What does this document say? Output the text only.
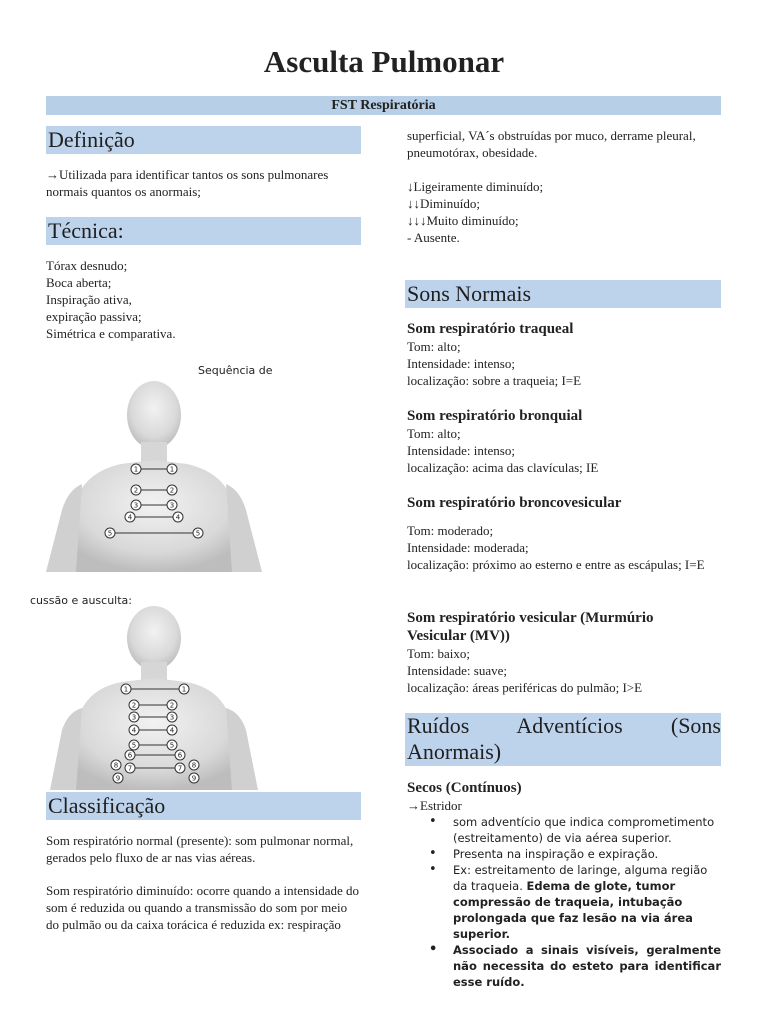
Asculta Pulmonar
FST Respiratória
Definição
→Utilizada para identificar tantos os sons pulmonares normais quantos os anormais;
Técnica:

Tórax desnudo;

Boca aberta;

Inspiração ativa,

expiração passiva;

Simétrica e comparativa.

Sequência de
1	1
2	2
3	3
4	4
5	5
cussão e ausculta:
1	1
2	2
3	3
4	4
5	5
6	6
7	7
8	8
9	9
Classificação
Som respiratório normal (presente): som pulmonar normal, gerados pelo fluxo de ar nas vias aéreas.
Som respiratório diminuído: ocorre quando a intensidade do som é reduzida ou quando a transmissão do som por meio do pulmão ou da caixa torácica é reduzida ex: respiração
superficial, VA´s obstruídas por muco, derrame pleural, pneumotórax, obesidade.

↓Ligeiramente diminuído;

↓↓Diminuído;

↓↓↓Muito diminuído;

- Ausente.

Sons Normais
Som respiratório traqueal
Tom: alto;
Intensidade: intenso;
localização: sobre a traqueia; I=E
Som respiratório bronquial
Tom: alto;
Intensidade: intenso;
localização: acima das clavículas; IE
Som respiratório broncovesicular
Tom: moderado;
Intensidade: moderada;
localização: próximo ao esterno e entre as escápulas; I=E
Som respiratório vesicular (Murmúrio Vesicular (MV))
Tom: baixo;
Intensidade: suave;
localização: áreas periféricas do pulmão; I>E
Ruídos Adventícios (Sons Anormais)
Secos (Contínuos)
→Estridor
• som adventício que indica comprometimento (estreitamento) de via aérea superior.
• Presenta na inspiração e expiração.
• Ex: estreitamento de laringe, alguma região da traqueia. Edema de glote, tumor compressão de traqueia, intubação prolongada que faz lesão na via área superior.
• Associado a sinais visíveis, geralmente não necessita do esteto para identificar esse ruído.
